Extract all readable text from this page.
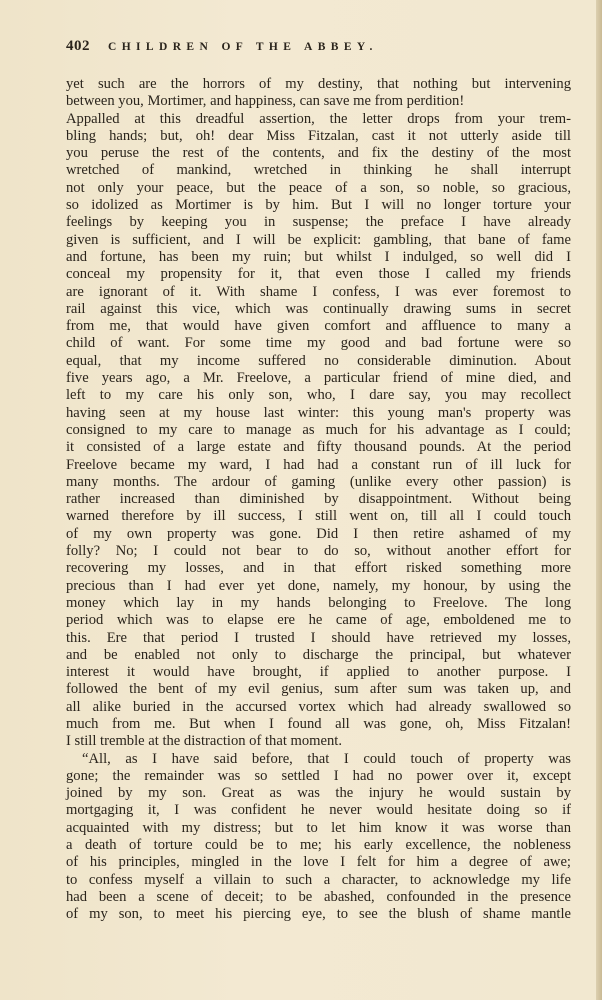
402 CHILDREN OF THE ABBEY.
yet such are the horrors of my destiny, that nothing but intervening
between you, Mortimer, and happiness, can save me from perdition!
Appalled at this dreadful assertion, the letter drops from your trem-
bling hands; but, oh! dear Miss Fitzalan, cast it not utterly aside till
you peruse the rest of the contents, and fix the destiny of the most
wretched of mankind, wretched in thinking he shall interrupt
not only your peace, but the peace of a son, so noble, so gracious,
so idolized as Mortimer is by him. But I will no longer torture your
feelings by keeping you in suspense; the preface I have already
given is sufficient, and I will be explicit: gambling, that bane of fame
and fortune, has been my ruin; but whilst I indulged, so well did I
conceal my propensity for it, that even those I called my friends
are ignorant of it. With shame I confess, I was ever foremost to
rail against this vice, which was continually drawing sums in secret
from me, that would have given comfort and affluence to many a
child of want. For some time my good and bad fortune were so
equal, that my income suffered no considerable diminution. About
five years ago, a Mr. Freelove, a particular friend of mine died, and
left to my care his only son, who, I dare say, you may recollect
having seen at my house last winter: this young man's property was
consigned to my care to manage as much for his advantage as I could;
it consisted of a large estate and fifty thousand pounds. At the period
Freelove became my ward, I had had a constant run of ill luck for
many months. The ardour of gaming (unlike every other passion) is
rather increased than diminished by disappointment. Without being
warned therefore by ill success, I still went on, till all I could touch
of my own property was gone. Did I then retire ashamed of my
folly? No; I could not bear to do so, without another effort for
recovering my losses, and in that effort risked something more
precious than I had ever yet done, namely, my honour, by using the
money which lay in my hands belonging to Freelove. The long
period which was to elapse ere he came of age, emboldened me to
this. Ere that period I trusted I should have retrieved my losses,
and be enabled not only to discharge the principal, but whatever
interest it would have brought, if applied to another purpose. I
followed the bent of my evil genius, sum after sum was taken up, and
all alike buried in the accursed vortex which had already swallowed so
much from me. But when I found all was gone, oh, Miss Fitzalan!
I still tremble at the distraction of that moment.
“All, as I have said before, that I could touch of property was
gone; the remainder was so settled I had no power over it, except
joined by my son. Great as was the injury he would sustain by
mortgaging it, I was confident he never would hesitate doing so if
acquainted with my distress; but to let him know it was worse than
a death of torture could be to me; his early excellence, the nobleness
of his principles, mingled in the love I felt for him a degree of awe;
to confess myself a villain to such a character, to acknowledge my life
had been a scene of deceit; to be abashed, confounded in the presence
of my son, to meet his piercing eye, to see the blush of shame mantle
